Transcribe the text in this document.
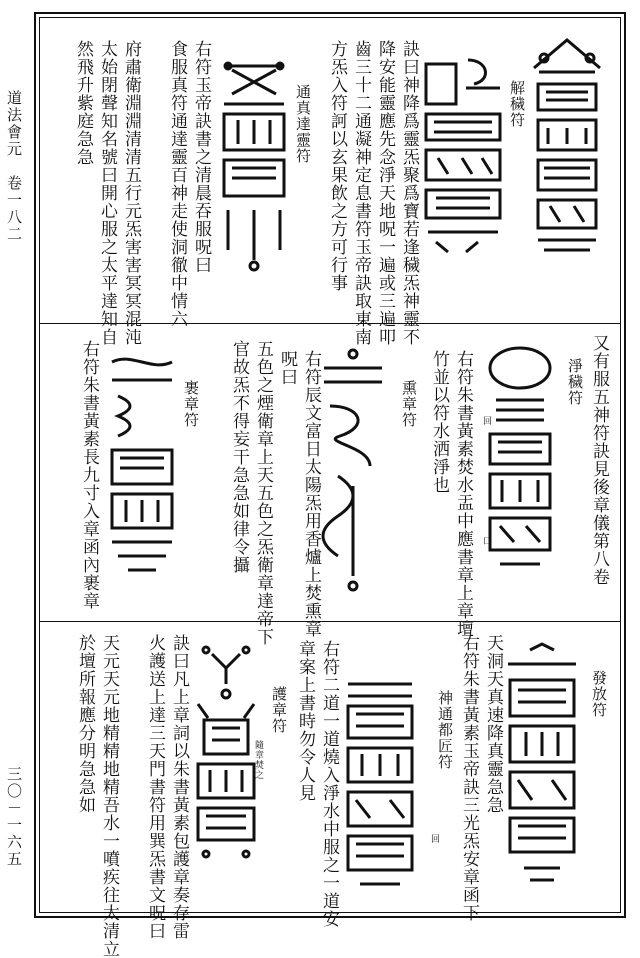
道法會元　卷一八二
三〇－一六五
解穢符
訣曰神降爲靈炁聚爲寶若逢穢炁神靈不
降安能靈應先念淨天地呪一遍或三遍叩
齒三十二通凝神定息書符玉帝訣取東南
方炁入符訶以玄果飲之方可行事
通真達靈符
右符玉帝訣書之清晨吞服呪曰
食服真符通達靈百神走使洞徹中情六
府肅衛淵淵清清五行元炁害害冥冥混沌
太始閉聲知名號曰開心服之太平達知自
然飛升紫庭急急
又有服五神符訣見後章儀第八卷
淨穢符
回
口
右符朱書黃素焚水盂中應書章上章壇
竹並以符水洒淨也
熏章符
右符辰文富日太陽炁用香爐上焚熏章
呪曰
五色之煙衛章上天五色之炁衛章達帝下
官故炁不得妄干急急如律令攝
裹章符
右符朱書黃素長九寸入章函內裹章
發放符
天洞天真速降真靈急急
右符朱書黃素玉帝訣三光炁安章函下
神通都匠符
回
右符二道一道燒入淨水中服之一道安
章案上書時勿令人見
護章符
隨章焚之
訣曰凡上章詞以朱書黃素包護章奏存雷
火護送上達三天門書符用巽炁書文呪曰
天元天元地精精地精吾水一噴疾往太清立
於壇所報應分明急急如
